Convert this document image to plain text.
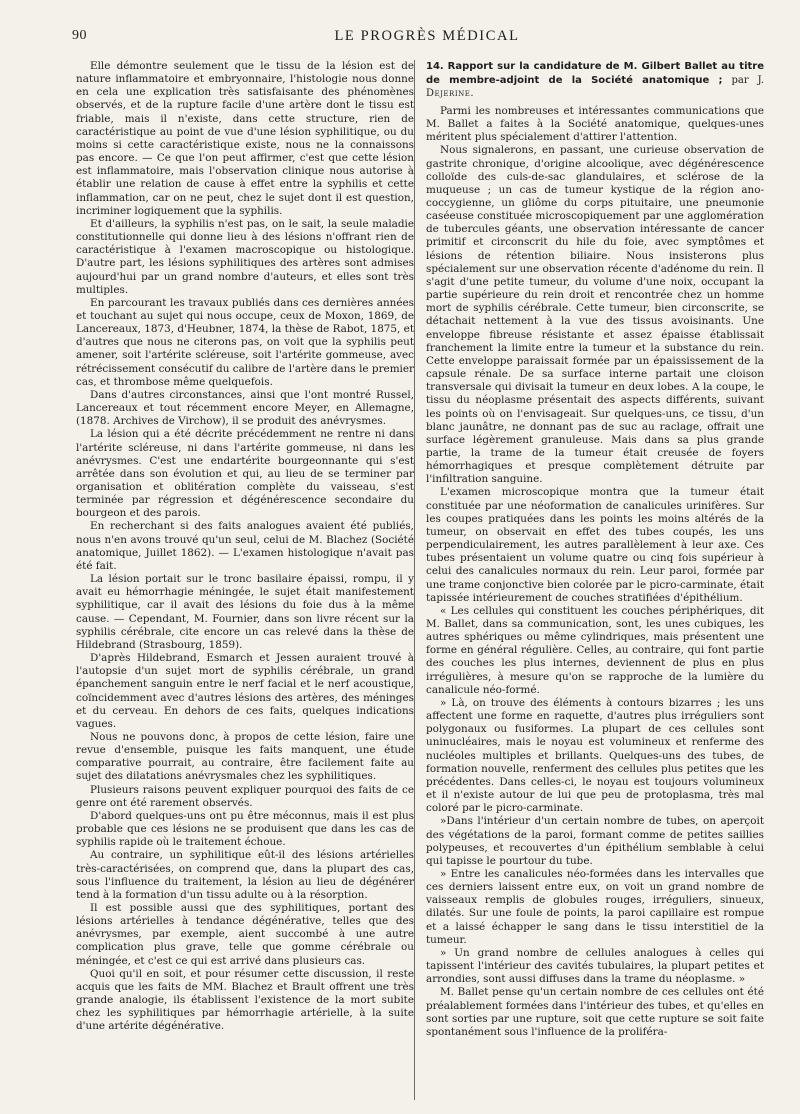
90	LE PROGRÈS MÉDICAL

Elle démontre seulement que le tissu de la lésion est de nature inflammatoire et embryonnaire, l'histologie nous donne en cela une explication très satisfaisante des phénomènes observés, et de la rupture facile d'une artère dont le tissu est friable, mais il n'existe, dans cette structure, rien de caractéristique au point de vue d'une lésion syphilitique, ou du moins si cette caractéristique existe, nous ne la connaissons pas encore. — Ce que l'on peut affirmer, c'est que cette lésion est inflammatoire, mais l'observation clinique nous autorise à établir une relation de cause à effet entre la syphilis et cette inflammation, car on ne peut, chez le sujet dont il est question, incriminer logiquement que la syphilis.

Et d'ailleurs, la syphilis n'est pas, on le sait, la seule maladie constitutionnelle qui donne lieu à des lésions n'offrant rien de caractéristique à l'examen macroscopique ou histologique. D'autre part, les lésions syphilitiques des artères sont admises aujourd'hui par un grand nombre d'auteurs, et elles sont très multiples.

En parcourant les travaux publiés dans ces dernières années et touchant au sujet qui nous occupe, ceux de Moxon, 1869, de Lancereaux, 1873, d'Heubner, 1874, la thèse de Rabot, 1875, et d'autres que nous ne citerons pas, on voit que la syphilis peut amener, soit l'artérite scléreuse, soit l'artérite gommeuse, avec rétrécissement consécutif du calibre de l'artère dans le premier cas, et thrombose même quelquefois.

Dans d'autres circonstances, ainsi que l'ont montré Russel, Lancereaux et tout récemment encore Meyer, en Allemagne, (1878. Archives de Virchow), il se produit des anévrysmes.

La lésion qui a été décrite précédemment ne rentre ni dans l'artérite scléreuse, ni dans l'artérite gommeuse, ni dans les anévrysmes. C'est une endartérite bourgeonnante qui s'est arrêtée dans son évolution et qui, au lieu de se terminer par organisation et oblitération complète du vaisseau, s'est terminée par régression et dégénérescence secondaire du bourgeon et des parois.

En recherchant si des faits analogues avaient été publiés, nous n'en avons trouvé qu'un seul, celui de M. Blachez (Société anatomique, Juillet 1862). — L'examen histologique n'avait pas été fait.

La lésion portait sur le tronc basilaire épaissi, rompu, il y avait eu hémorrhagie méningée, le sujet était manifestement syphilitique, car il avait des lésions du foie dus à la même cause. — Cependant, M. Fournier, dans son livre récent sur la syphilis cérébrale, cite encore un cas relevé dans la thèse de Hildebrand (Strasbourg, 1859).

D'après Hildebrand, Esmarch et Jessen auraient trouvé à l'autopsie d'un sujet mort de syphilis cérébrale, un grand épanchement sanguin entre le nerf facial et le nerf acoustique, coïncidemment avec d'autres lésions des artères, des méninges et du cerveau. En dehors de ces faits, quelques indications vagues.

Nous ne pouvons donc, à propos de cette lésion, faire une revue d'ensemble, puisque les faits manquent, une étude comparative pourrait, au contraire, être facilement faite au sujet des dilatations anévrysmales chez les syphilitiques.

Plusieurs raisons peuvent expliquer pourquoi des faits de ce genre ont été rarement observés.

D'abord quelques-uns ont pu être méconnus, mais il est plus probable que ces lésions ne se produisent que dans les cas de syphilis rapide où le traitement échoue.

Au contraire, un syphilitique eût-il des lésions artérielles très-caractérisées, on comprend que, dans la plupart des cas, sous l'influence du traitement, la lésion au lieu de dégénérer tend à la formation d'un tissu adulte ou à la résorption.

Il est possible aussi que des syphilitiques, portant des lésions artérielles à tendance dégénérative, telles que des anévrysmes, par exemple, aient succombé à une autre complication plus grave, telle que gomme cérébrale ou méningée, et c'est ce qui est arrivé dans plusieurs cas.

Quoi qu'il en soit, et pour résumer cette discussion, il reste acquis que les faits de MM. Blachez et Brault offrent une très grande analogie, ils établissent l'existence de la mort subite chez les syphilitiques par hémorrhagie artérielle, à la suite d'une artérite dégénérative.

14. Rapport sur la candidature de M. Gilbert Ballet au titre de membre-adjoint de la Société anatomique ; par J. Dejerine.

Parmi les nombreuses et intéressantes communications que M. Ballet a faites à la Société anatomique, quelques-unes méritent plus spécialement d'attirer l'attention.

Nous signalerons, en passant, une curieuse observation de gastrite chronique, d'origine alcoolique, avec dégénérescence colloïde des culs-de-sac glandulaires, et sclérose de la muqueuse ; un cas de tumeur kystique de la région ano-coccygienne, un gliôme du corps pituitaire, une pneumonie caséeuse constituée microscopiquement par une agglomération de tubercules géants, une observation intéressante de cancer primitif et circonscrit du hile du foie, avec symptômes et lésions de rétention biliaire. Nous insisterons plus spécialement sur une observation récente d'adénome du rein. Il s'agit d'une petite tumeur, du volume d'une noix, occupant la partie supérieure du rein droit et rencontrée chez un homme mort de syphilis cérébrale. Cette tumeur, bien circonscrite, se détachait nettement à la vue des tissus avoisinants. Une enveloppe fibreuse résistante et assez épaisse établissait franchement la limite entre la tumeur et la substance du rein. Cette enveloppe paraissait formée par un épaississement de la capsule rénale. De sa surface interne partait une cloison transversale qui divisait la tumeur en deux lobes. A la coupe, le tissu du néoplasme présentait des aspects différents, suivant les points où on l'envisageait. Sur quelques-uns, ce tissu, d'un blanc jaunâtre, ne donnant pas de suc au raclage, offrait une surface légèrement granuleuse. Mais dans sa plus grande partie, la trame de la tumeur était creusée de foyers hémorrhagiques et presque complètement détruite par l'infiltration sanguine.

L'examen microscopique montra que la tumeur était constituée par une néoformation de canalicules urinifères. Sur les coupes pratiquées dans les points les moins altérés de la tumeur, on observait en effet des tubes coupés, les uns perpendiculairement, les autres parallèlement à leur axe. Ces tubes présentaient un volume quatre ou cinq fois supérieur à celui des canalicules normaux du rein. Leur paroi, formée par une trame conjonctive bien colorée par le picro-carminate, était tapissée intérieurement de couches stratifiées d'épithélium.

« Les cellules qui constituent les couches périphériques, dit M. Ballet, dans sa communication, sont, les unes cubiques, les autres sphériques ou même cylindriques, mais présentent une forme en général régulière. Celles, au contraire, qui font partie des couches les plus internes, deviennent de plus en plus irrégulières, à mesure qu'on se rapproche de la lumière du canalicule néo-formé.

» Là, on trouve des éléments à contours bizarres ; les uns affectent une forme en raquette, d'autres plus irréguliers sont polygonaux ou fusiformes. La plupart de ces cellules sont uninucléaires, mais le noyau est volumineux et renferme des nucléoles multiples et brillants. Quelques-uns des tubes, de formation nouvelle, renferment des cellules plus petites que les précédentes. Dans celles-ci, le noyau est toujours volumineux et il n'existe autour de lui que peu de protoplasma, très mal coloré par le picro-carminate.

»Dans l'intérieur d'un certain nombre de tubes, on aperçoit des végétations de la paroi, formant comme de petites saillies polypeuses, et recouvertes d'un épithélium semblable à celui qui tapisse le pourtour du tube.

» Entre les canalicules néo-formées dans les intervalles que ces derniers laissent entre eux, on voit un grand nombre de vaisseaux remplis de globules rouges, irréguliers, sinueux, dilatés. Sur une foule de points, la paroi capillaire est rompue et a laissé échapper le sang dans le tissu interstitiel de la tumeur.

» Un grand nombre de cellules analogues à celles qui tapissent l'intérieur des cavités tubulaires, la plupart petites et arrondies, sont aussi diffuses dans la trame du néoplasme. »

M. Ballet pense qu'un certain nombre de ces cellules ont été préalablement formées dans l'intérieur des tubes, et qu'elles en sont sorties par une rupture, soit que cette rupture se soit faite spontanément sous l'influence de la proliféra-
